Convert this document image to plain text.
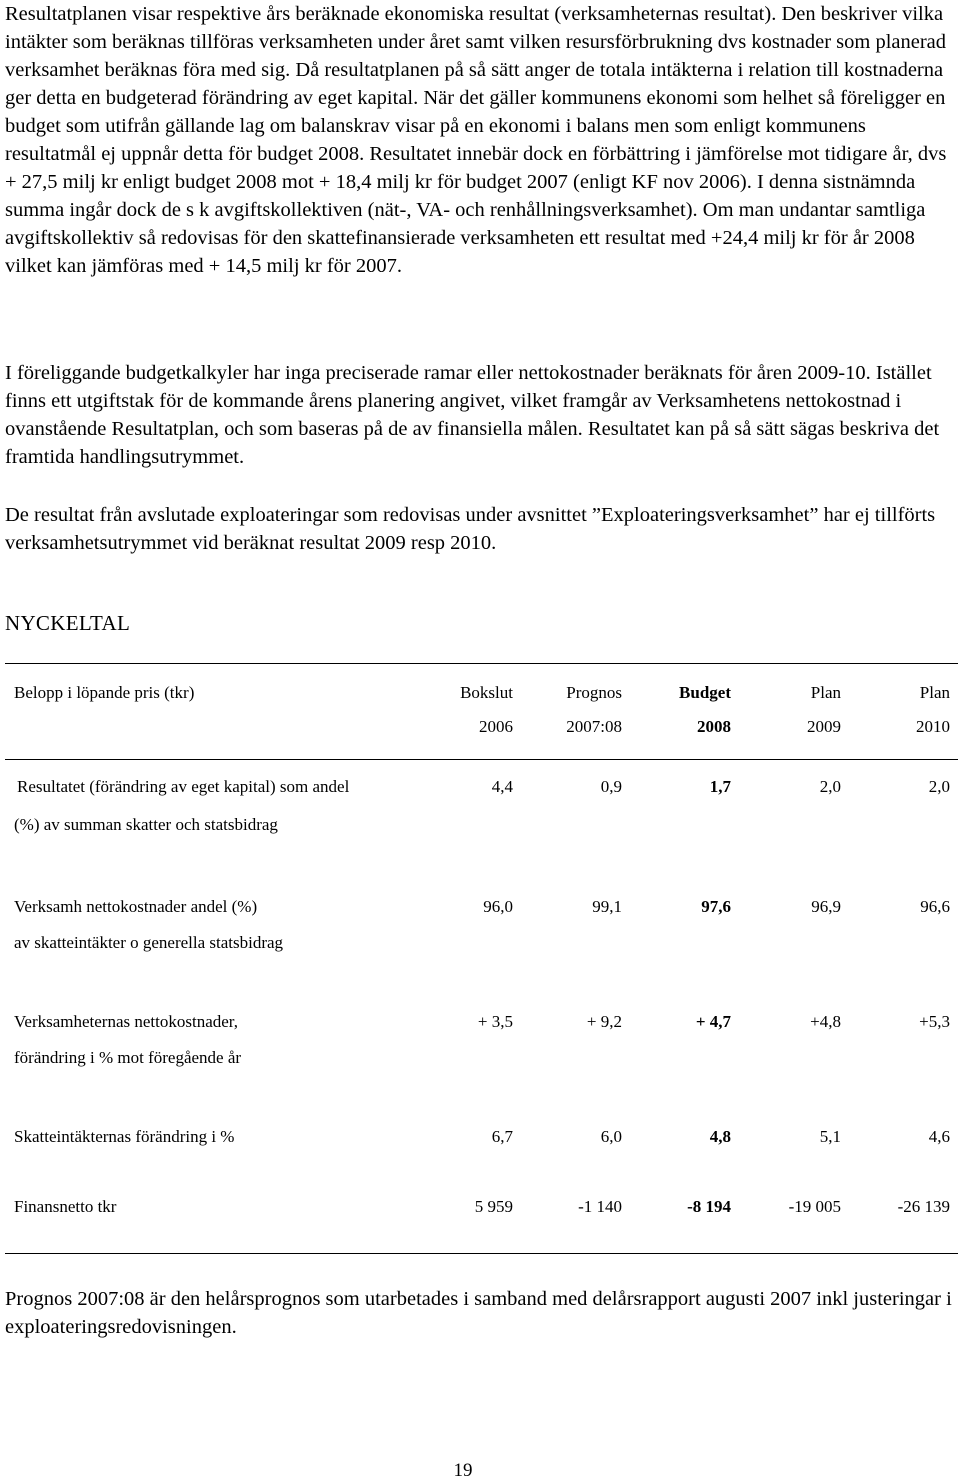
Resultatplanen visar respektive års beräknade ekonomiska resultat (verksamheternas resultat). Den beskriver vilka intäkter som beräknas tillföras verksamheten under året samt vilken resursförbrukning dvs kostnader som planerad verksamhet beräknas föra med sig. Då resultatplanen på så sätt anger de totala intäkterna i relation till kostnaderna ger detta en budgeterad förändring av eget kapital. När det gäller kommunens ekonomi som helhet så föreligger en budget som utifrån gällande lag om balanskrav visar på en ekonomi i balans men som enligt kommunens resultatmål ej uppnår detta för budget 2008. Resultatet innebär dock en förbättring i jämförelse mot tidigare år, dvs + 27,5 milj kr enligt budget 2008 mot + 18,4 milj kr för budget 2007 (enligt KF nov 2006). I denna sistnämnda summa ingår dock de s k avgiftskollektiven (nät-, VA- och renhållningsverksamhet). Om man undantar samtliga avgiftskollektiv så redovisas för den skattefinansierade verksamheten ett resultat med +24,4 milj kr för år 2008 vilket kan jämföras med + 14,5 milj kr för 2007.

I föreliggande budgetkalkyler har inga preciserade ramar eller nettokostnader beräknats för åren 2009-10. Istället finns ett utgiftstak för de kommande årens planering angivet, vilket framgår av Verksamhetens nettokostnad i ovanstående Resultatplan, och som baseras på de av finansiella målen. Resultatet kan på så sätt sägas beskriva det framtida handlingsutrymmet.

De resultat från avslutade exploateringar som redovisas under avsnittet ”Exploateringsverksamhet” har ej tillförts verksamhetsutrymmet vid beräknat resultat 2009 resp 2010.

NYCKELTAL
Belopp i löpande pris (tkr)	Bokslut	Prognos	Budget	Plan	Plan
2006	2007:08	2008	2009	2010
Resultatet (förändring av eget kapital) som andel
(%) av summan skatter och statsbidrag
4,4	0,9	1,7	2,0	2,0
Verksamh nettokostnader andel (%)
av skatteintäkter o generella statsbidrag
96,0	99,1	97,6	96,9	96,6
Verksamheternas nettokostnader,
förändring i % mot föregående år
+ 3,5	+ 9,2	+ 4,7	+4,8	+5,3
Skatteintäkternas förändring i %	6,7	6,0	4,8	5,1	4,6
Finansnetto tkr	5 959	-1 140	-8 194	-19 005	-26 139

Prognos 2007:08 är den helårsprognos som utarbetades i samband med delårsrapport augusti 2007 inkl justeringar i exploateringsredovisningen.

19
